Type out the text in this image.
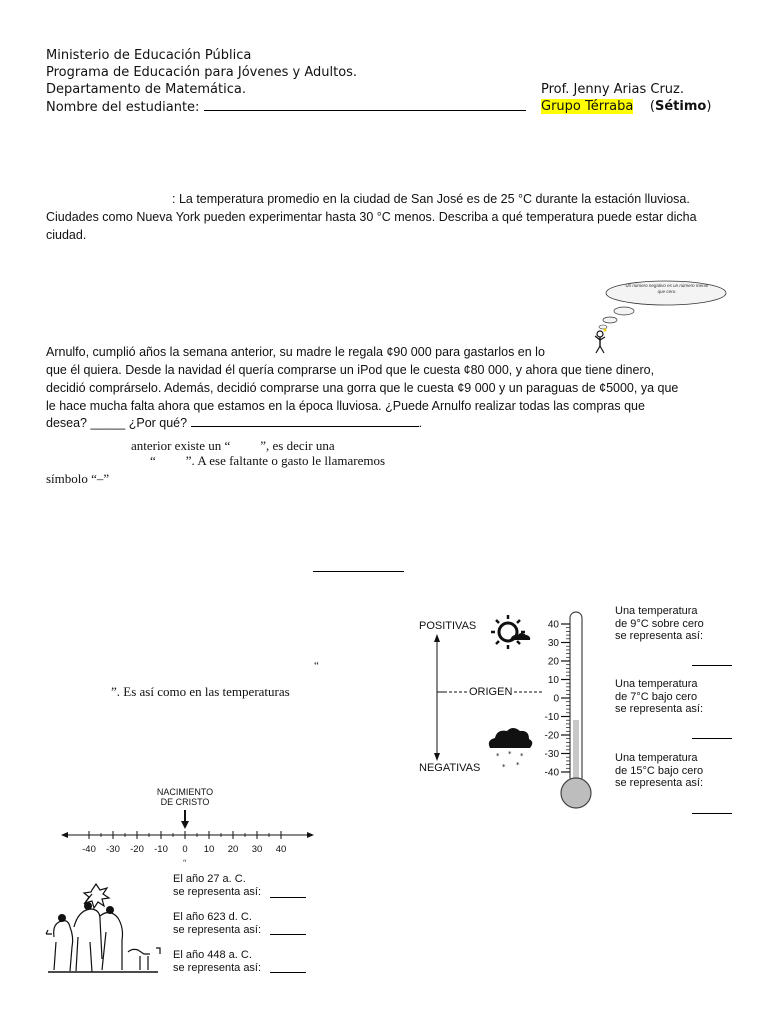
Ministerio de Educación Pública
Programa de Educación para Jóvenes y Adultos.
Departamento de Matemática.
Nombre del estudiante:
Prof. Jenny Arias Cruz.
Grupo Térraba (Sétimo)
: La temperatura promedio en la ciudad de San José es de 25 °C durante la estación lluviosa.
Ciudades como Nueva York pueden experimentar hasta 30 °C menos. Describa a qué temperatura puede estar dicha
ciudad.
Un número negativo es un número menor que cero.
Arnulfo, cumplió años la semana anterior, su madre le regala ¢90 000 para gastarlos en lo
que él quiera. Desde la navidad él quería comprarse un iPod que le cuesta ¢80 000, y ahora que tiene dinero,
decidió comprárselo. Además, decidió comprarse una gorra que le cuesta ¢9 000 y un paraguas de ¢5000, ya que
le hace mucha falta ahora que estamos en la época lluviosa. ¿Puede Arnulfo realizar todas las compras que
desea? _____ ¿Por qué?	.
anterior existe un “ ”, es decir una
“ ”. A ese faltante o gasto le llamaremos
símbolo “–”
“
”. Es así como en las temperaturas
* * *
* *
40
30
20
10
0
-10
-20
-30
-40
POSITIVAS
ORIGEN
NEGATIVAS
Una temperatura
de 9°C sobre cero
se representa así:
Una temperatura
de 7°C bajo cero
se representa así:
Una temperatura
de 15°C bajo cero
se representa así:
NACIMIENTO
DE CRISTO
-40 -30 -20 -10 0 10 20 30 40
“
El año 27 a. C.
se representa así:
El año 623 d. C.
se representa así:
El año 448 a. C.
se representa así:
